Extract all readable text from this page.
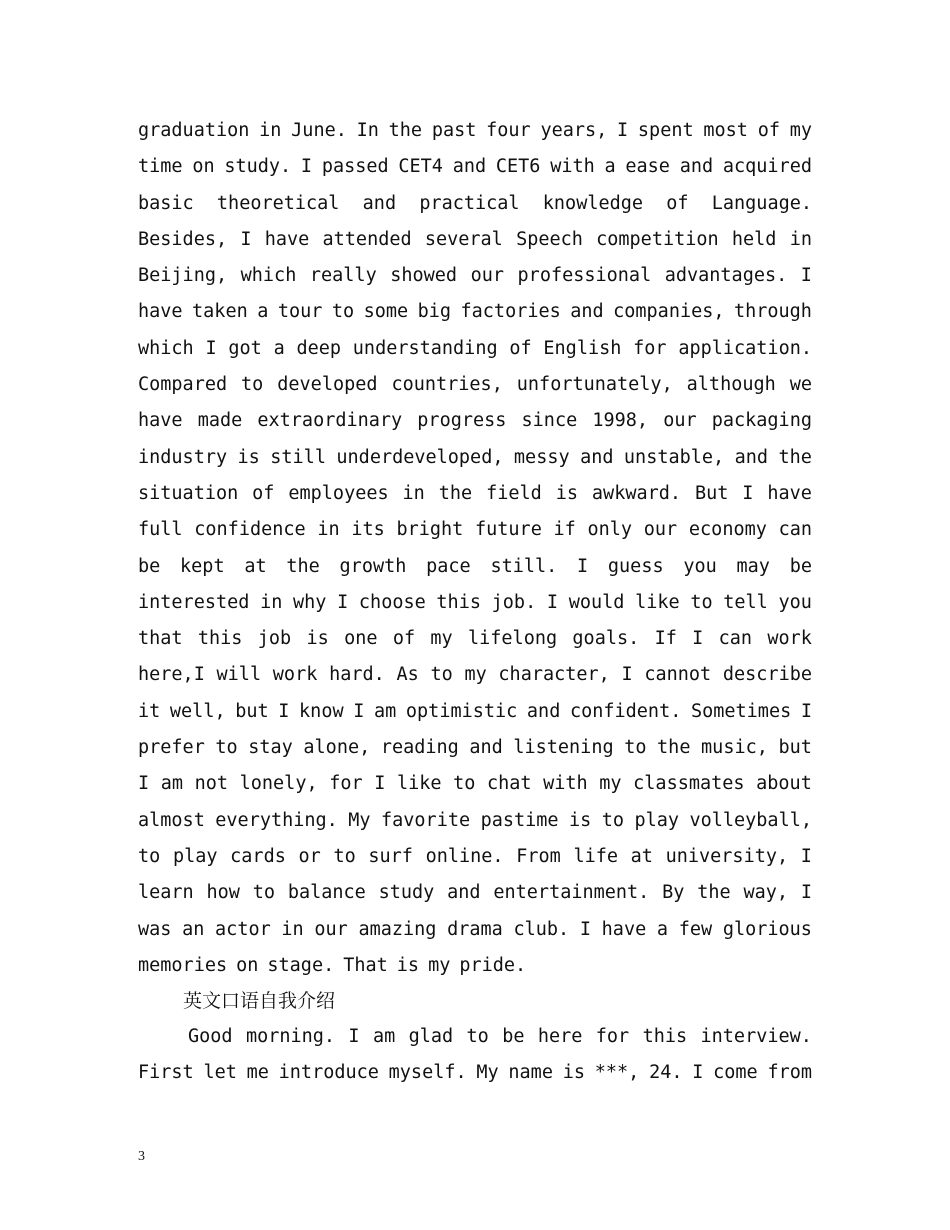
graduation in June. In the past four years, I spent most of my
time on study. I passed CET4 and CET6 with a ease and acquired
basic theoretical and practical knowledge of Language.
Besides, I have attended several Speech competition held in
Beijing, which really showed our professional advantages. I
have taken a tour to some big factories and companies, through
which I got a deep understanding of English for application.
Compared to developed countries, unfortunately, although we
have made extraordinary progress since 1998, our packaging
industry is still underdeveloped, messy and unstable, and the
situation of employees in the field is awkward. But I have
full confidence in its bright future if only our economy can
be kept at the growth pace still. I guess you may be
interested in why I choose this job. I would like to tell you
that this job is one of my lifelong goals. If I can work
here,I will work hard. As to my character, I cannot describe
it well, but I know I am optimistic and confident. Sometimes I
prefer to stay alone, reading and listening to the music, but
I am not lonely, for I like to chat with my classmates about
almost everything. My favorite pastime is to play volleyball,
to play cards or to surf online. From life at university, I
learn how to balance study and entertainment. By the way, I
was an actor in our amazing drama club. I have a few glorious
memories on stage. That is my pride.
英文口语自我介绍
Good morning. I am glad to be here for this interview.
First let me introduce myself. My name is ***, 24. I come from
3
